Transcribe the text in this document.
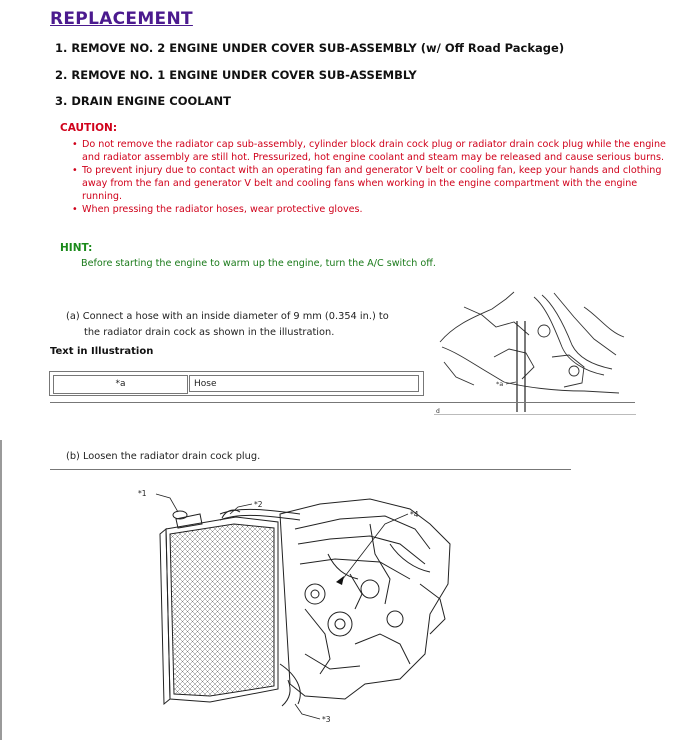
REPLACEMENT
1. REMOVE NO. 2 ENGINE UNDER COVER SUB-ASSEMBLY (w/ Off Road Package)
2. REMOVE NO. 1 ENGINE UNDER COVER SUB-ASSEMBLY
3. DRAIN ENGINE COOLANT
CAUTION:

• Do not remove the radiator cap sub-assembly, cylinder block drain cock plug or radiator drain cock plug while the engine and radiator assembly are still hot. Pressurized, hot engine coolant and steam may be released and cause serious burns.

• To prevent injury due to contact with an operating fan and generator V belt or cooling fan, keep your hands and clothing away from the fan and generator V belt and cooling fans when working in the engine compartment with the engine running.

• When pressing the radiator hoses, wear protective gloves.

HINT:
Before starting the engine to warm up the engine, turn the A/C switch off.
(a) Connect a hose with an inside diameter of 9 mm (0.354 in.) to
the radiator drain cock as shown in the illustration.
Text in Illustration
*a	Hose	*a
d
(b) Loosen the radiator drain cock plug.
*1
*2
*3
*4
